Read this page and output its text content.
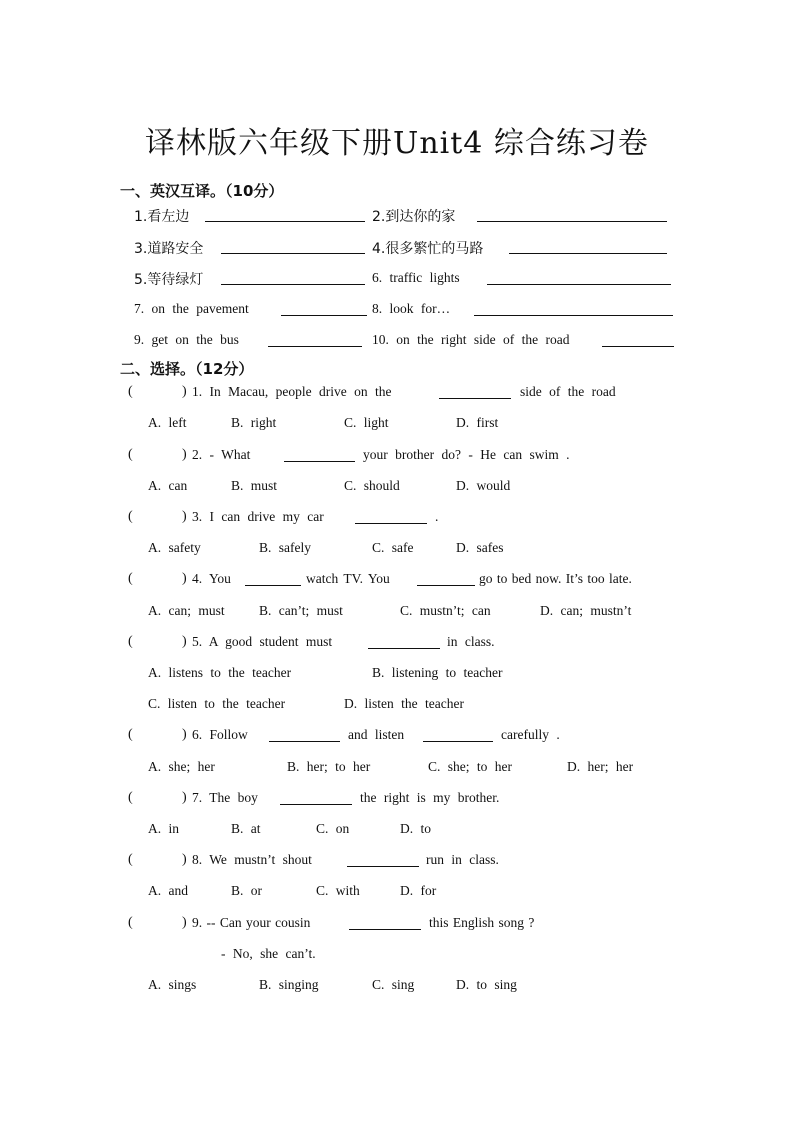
译林版六年级下册Unit4 综合练习卷
一、英汉互译。（10分）
1.看左边	2.到达你的家
3.道路安全	4.很多繁忙的马路
5.等待绿灯	6. traffic lights
7. on the pavement	8. look for…
9. get on the bus	10. on the right side of the road
二、选择。（12分）
(	) 1. In Macau, people drive on the	side of the road
A. left	B. right	C. light	D. first
(	) 2. - What	your brother do? - He can swim .
A. can	B. must	C. should	D. would
(	) 3. I can drive my car	.
A. safety	B. safely	C. safe	D. safes
(	) 4. You	watch TV. You	go to bed now. It’s too late.
A. can; must	B. can’t; must	C. mustn’t; can	D. can; mustn’t
(	) 5. A good student must	in class.
A. listens to the teacher	B. listening to teacher
C. listen to the teacher	D. listen the teacher
(	) 6. Follow	and listen	carefully .
A. she; her	B. her; to her	C. she; to her	D. her; her
(	) 7. The boy	the right is my brother.
A. in	B. at	C. on	D. to
(	) 8. We mustn’t shout	run in class.
A. and	B. or	C. with	D. for
(	) 9. -- Can your cousin	this English song ?
- No, she can’t.
A. sings	B. singing	C. sing	D. to sing
